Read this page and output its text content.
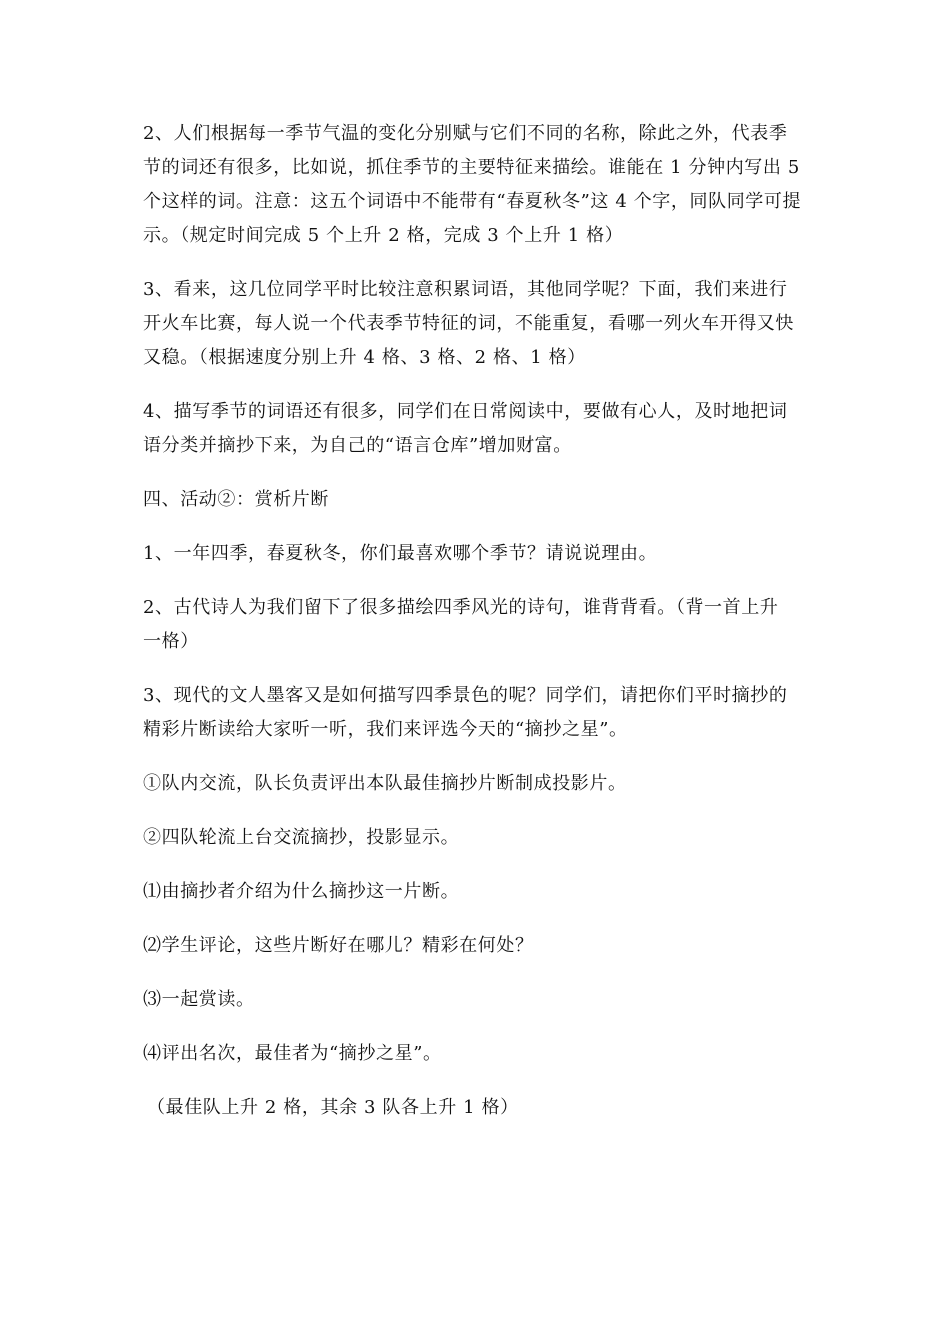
2、人们根据每一季节气温的变化分别赋与它们不同的名称，除此之外，代表季
节的词还有很多，比如说，抓住季节的主要特征来描绘。谁能在 1 分钟内写出 5
个这样的词。注意：这五个词语中不能带有“春夏秋冬”这 4 个字，同队同学可提
示。（规定时间完成 5 个上升 2 格，完成 3 个上升 1 格）

3、看来，这几位同学平时比较注意积累词语，其他同学呢？下面，我们来进行
开火车比赛，每人说一个代表季节特征的词，不能重复，看哪一列火车开得又快
又稳。（根据速度分别上升 4 格、3 格、2 格、1 格）

4、描写季节的词语还有很多，同学们在日常阅读中，要做有心人，及时地把词
语分类并摘抄下来，为自己的“语言仓库”增加财富。

四、活动②：赏析片断

1、一年四季，春夏秋冬，你们最喜欢哪个季节？请说说理由。

2、古代诗人为我们留下了很多描绘四季风光的诗句，谁背背看。（背一首上升
一格）

3、现代的文人墨客又是如何描写四季景色的呢？同学们，请把你们平时摘抄的
精彩片断读给大家听一听，我们来评选今天的“摘抄之星”。

①队内交流，队长负责评出本队最佳摘抄片断制成投影片。

②四队轮流上台交流摘抄，投影显示。

⑴由摘抄者介绍为什么摘抄这一片断。

⑵学生评论，这些片断好在哪儿？精彩在何处？

⑶一起赏读。

⑷评出名次，最佳者为“摘抄之星”。

（最佳队上升 2 格，其余 3 队各上升 1 格）
